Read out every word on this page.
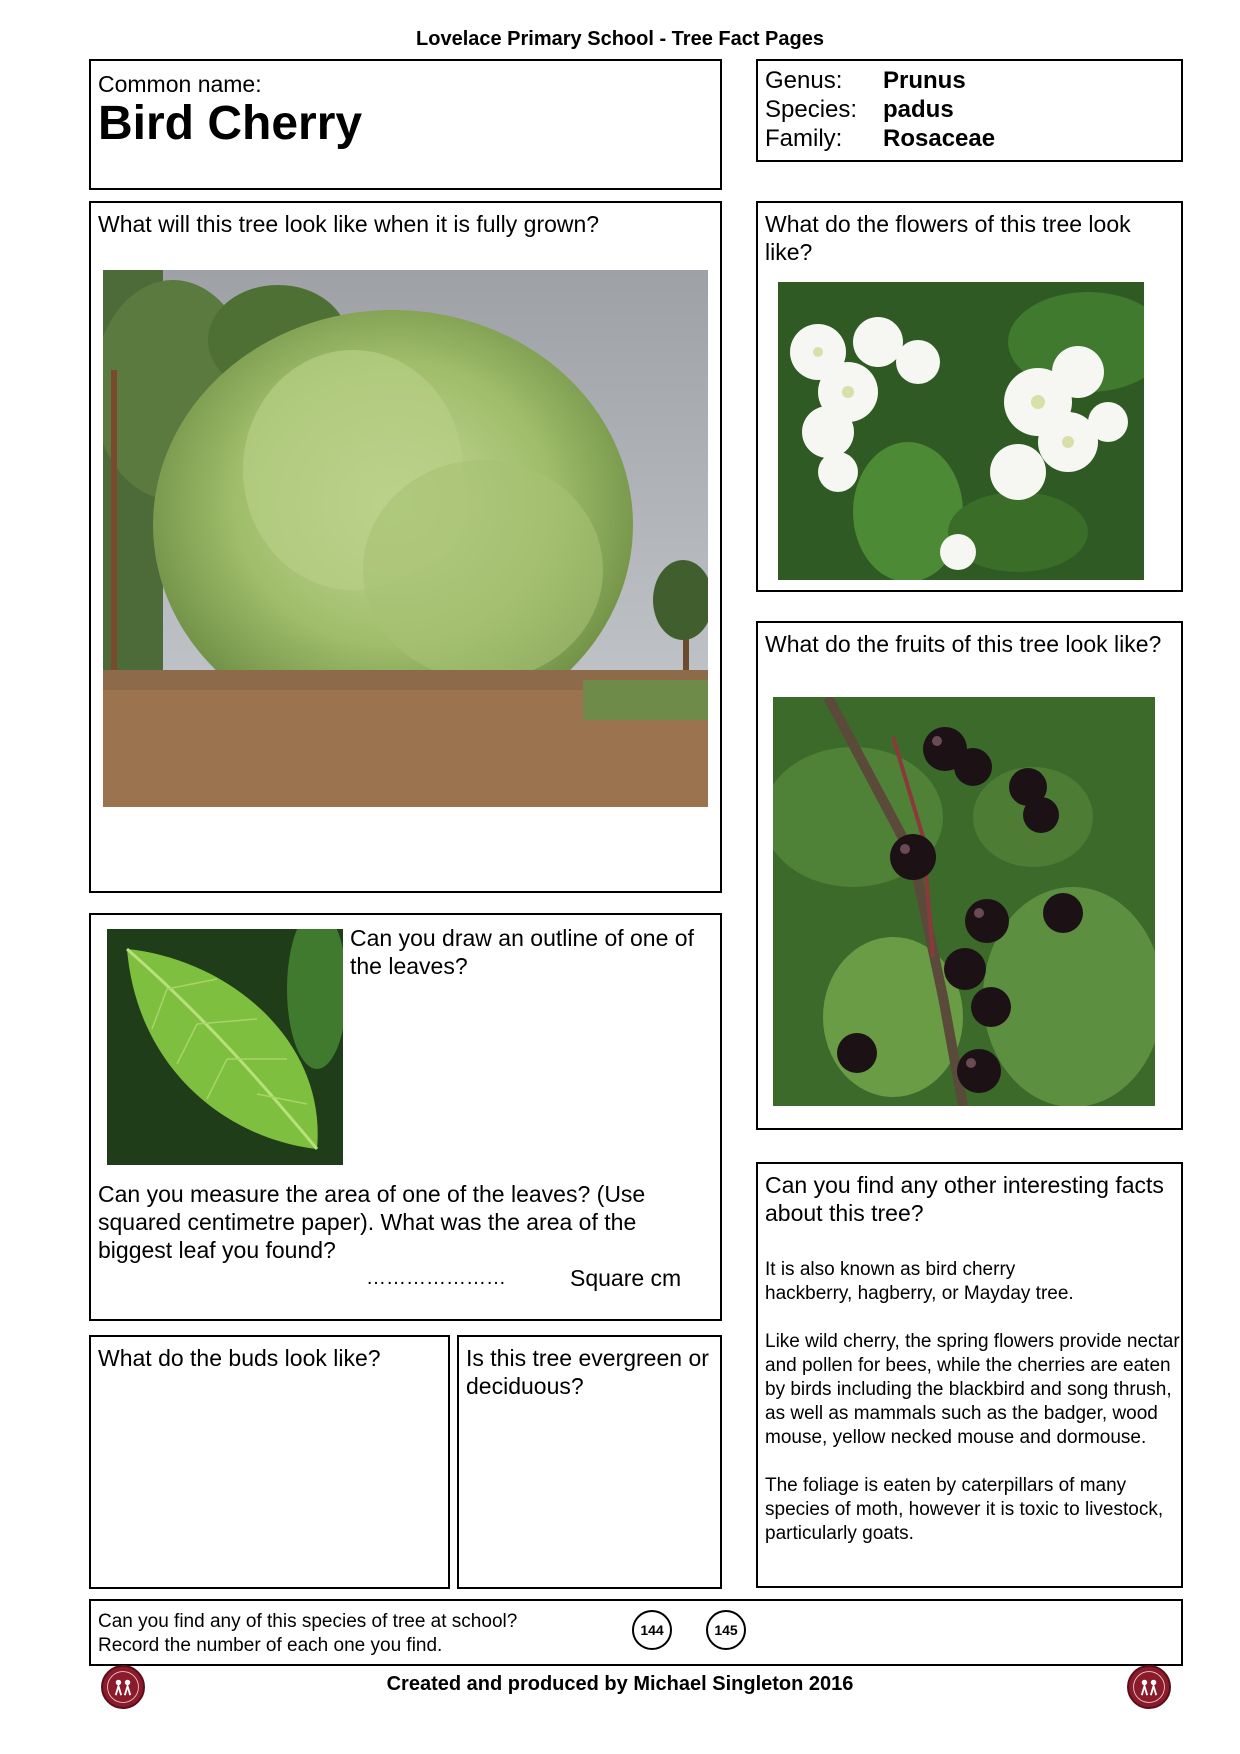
Lovelace Primary School - Tree Fact Pages
Common name:
Bird Cherry
Genus:	Prunus
Species:	padus
Family:	Rosaceae
What will this tree look like when it is fully grown?	What do the flowers of this tree look like?
What do the fruits of this tree look like?
Can you draw an outline of one of the leaves?
Can you measure the area of one of the leaves? (Use squared centimetre paper). What was the area of the biggest leaf you found?
…………………	Square cm
What do the buds look like?	Is this tree evergreen or deciduous?
Can you find any other interesting facts about this tree?
It is also known as bird cherry hackberry, hagberry, or Mayday tree.
Like wild cherry, the spring flowers provide nectar and pollen for bees, while the cherries are eaten by birds including the blackbird and song thrush, as well as mammals such as the badger, wood mouse, yellow necked mouse and dormouse.
The foliage is eaten by caterpillars of many species of moth, however it is toxic to livestock, particularly goats.
Can you find any of this species of tree at school?
Record the number of each one you find.
144	145
Created and produced by Michael Singleton 2016
